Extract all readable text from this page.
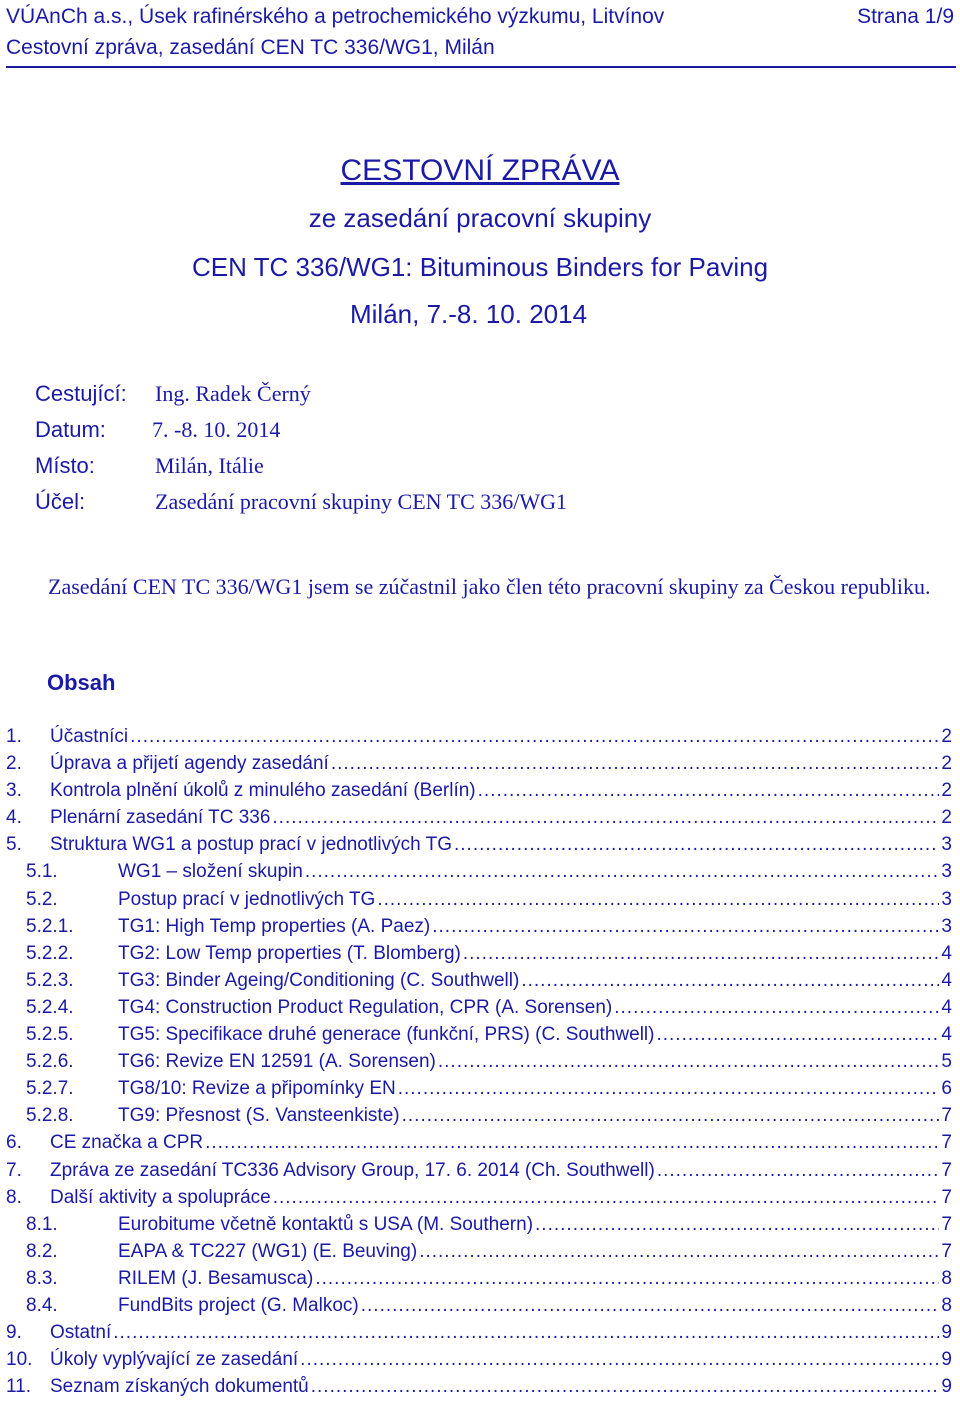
VÚAnCh a.s., Úsek rafinérského a petrochemického výzkumu, Litvínov	Strana 1/9
Cestovní zpráva, zasedání CEN TC 336/WG1, Milán
CESTOVNÍ ZPRÁVA
ze zasedání pracovní skupiny
CEN TC 336/WG1: Bituminous Binders for Paving
Milán, 7.-8. 10. 2014
Cestující: Ing. Radek Černý
Datum: 7. -8. 10. 2014
Místo:	Milán, Itálie
Účel:	Zasedání pracovní skupiny CEN TC 336/WG1

Zasedání CEN TC 336/WG1 jsem se zúčastnil jako člen této pracovní skupiny za Českou republiku.

Obsah
1.	Účastníci .....	2
2.	Úprava a přijetí agendy zasedání .....	2
3.	Kontrola plnění úkolů z minulého zasedání (Berlín) .....	2
4.	Plenární zasedání TC 336 .....	2
5.	Struktura WG1 a postup prací v jednotlivých TG .....	3
5.1.	WG1 – složení skupin .....	3
5.2.	Postup prací v jednotlivých TG .....	3
5.2.1.	TG1: High Temp properties (A. Paez) .....	3
5.2.2.	TG2: Low Temp properties (T. Blomberg) .....	4
5.2.3.	TG3: Binder Ageing/Conditioning (C. Southwell) .....	4
5.2.4.	TG4: Construction Product Regulation, CPR (A. Sorensen) .....	4
5.2.5.	TG5: Specifikace druhé generace (funkční, PRS) (C. Southwell) .....	4
5.2.6.	TG6: Revize EN 12591 (A. Sorensen) .....	5
5.2.7.	TG8/10: Revize a připomínky EN .....	6
5.2.8.	TG9: Přesnost (S. Vansteenkiste) .....	7
6.	CE značka a CPR .....	7
7.	Zpráva ze zasedání TC336 Advisory Group, 17. 6. 2014 (Ch. Southwell) .....	7
8.	Další aktivity a spolupráce .....	7
8.1.	Eurobitume včetně kontaktů s USA (M. Southern) .....	7
8.2.	EAPA & TC227 (WG1) (E. Beuving) .....	7
8.3.	RILEM (J. Besamusca) .....	8
8.4.	FundBits project (G. Malkoc) .....	8
9.	Ostatní .....	9
10. Úkoly vyplývající ze zasedání .....	9
11. Seznam získaných dokumentů .....	9
